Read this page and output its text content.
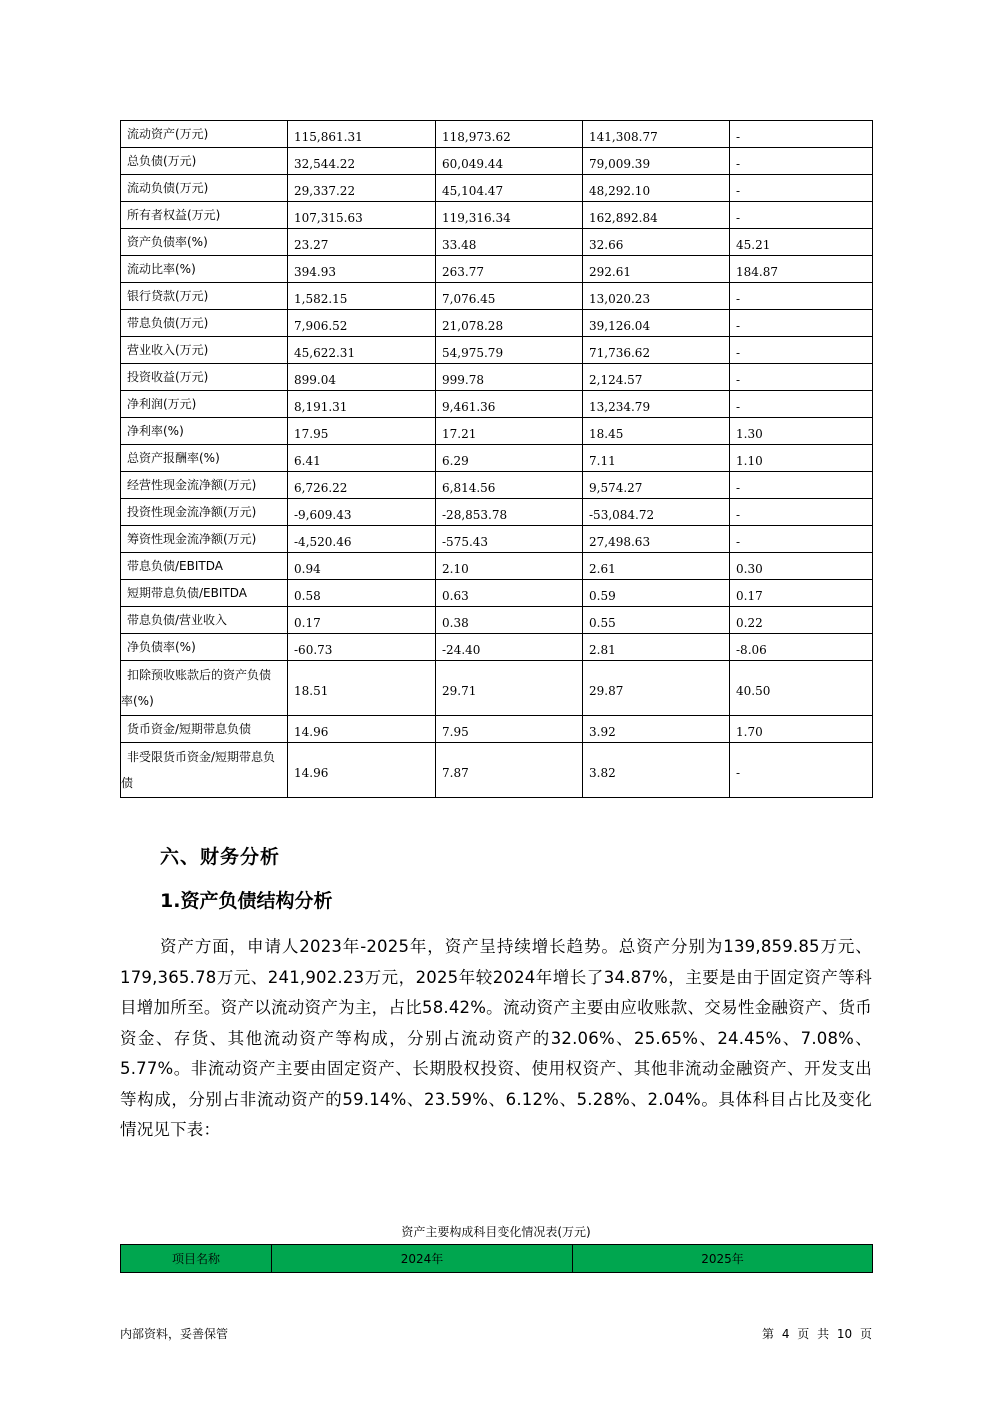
流动资产(万元)	115,861.31	118,973.62	141,308.77	-
总负债(万元)	32,544.22	60,049.44	79,009.39	-
流动负债(万元)	29,337.22	45,104.47	48,292.10	-
所有者权益(万元)	107,315.63	119,316.34	162,892.84	-
资产负债率(%)	23.27	33.48	32.66	45.21
流动比率(%)	394.93	263.77	292.61	184.87
银行贷款(万元)	1,582.15	7,076.45	13,020.23	-
带息负债(万元)	7,906.52	21,078.28	39,126.04	-
营业收入(万元)	45,622.31	54,975.79	71,736.62	-
投资收益(万元)	899.04	999.78	2,124.57	-
净利润(万元)	8,191.31	9,461.36	13,234.79	-
净利率(%)	17.95	17.21	18.45	1.30
总资产报酬率(%)	6.41	6.29	7.11	1.10
经营性现金流净额(万元)	6,726.22	6,814.56	9,574.27	-
投资性现金流净额(万元)	-9,609.43	-28,853.78	-53,084.72	-
筹资性现金流净额(万元)	-4,520.46	-575.43	27,498.63	-
带息负债/EBITDA	0.94	2.10	2.61	0.30
短期带息负债/EBITDA	0.58	0.63	0.59	0.17
带息负债/营业收入	0.17	0.38	0.55	0.22
净负债率(%)	-60.73	-24.40	2.81	-8.06
扣除预收账款后的资产负债率(%)	18.51	29.71	29.87	40.50
货币资金/短期带息负债	14.96	7.95	3.92	1.70
非受限货币资金/短期带息负债	14.96	7.87	3.82	-
六、财务分析
1.资产负债结构分析

资产方面，申请人2023年-2025年，资产呈持续增长趋势。总资产分别为139,859.85万元、179,365.78万元、241,902.23万元，2025年较2024年增长了34.87%，主要是由于固定资产等科目增加所至。资产以流动资产为主，占比58.42%。流动资产主要由应收账款、交易性金融资产、货币资金、存货、其他流动资产等构成，分别占流动资产的32.06%、25.65%、24.45%、7.08%、5.77%。非流动资产主要由固定资产、长期股权投资、使用权资产、其他非流动金融资产、开发支出等构成，分别占非流动资产的59.14%、23.59%、6.12%、5.28%、2.04%。具体科目占比及变化情况见下表：

资产主要构成科目变化情况表(万元)
项目名称	2024年	2025年
内部资料，妥善保管	第 4 页 共 10 页
